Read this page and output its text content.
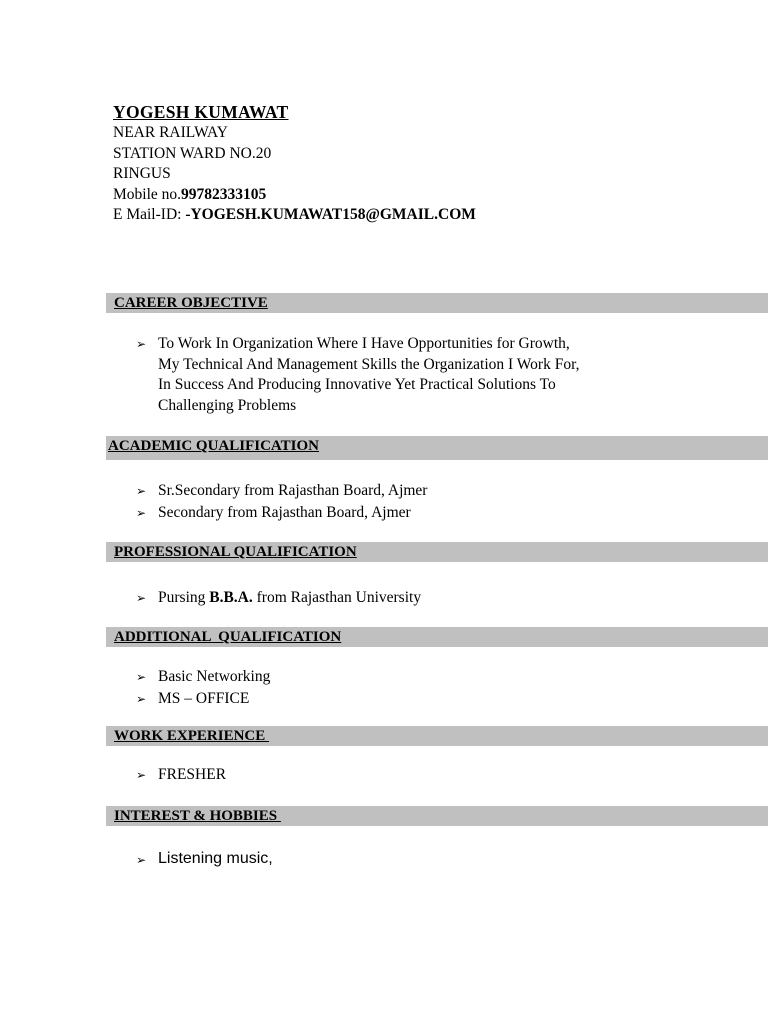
YOGESH KUMAWAT
NEAR RAILWAY
STATION WARD NO.20
RINGUS
Mobile no.99782333105
E Mail-ID: -YOGESH.KUMAWAT158@GMAIL.COM
CAREER OBJECTIVE
➢ To Work In Organization Where I Have Opportunities for Growth,
My Technical And Management Skills the Organization I Work For,
In Success And Producing Innovative Yet Practical Solutions To
Challenging Problems
ACADEMIC QUALIFICATION
➢ Sr.Secondary from Rajasthan Board, Ajmer
➢ Secondary from Rajasthan Board, Ajmer
PROFESSIONAL QUALIFICATION
➢ Pursing B.B.A. from Rajasthan University
ADDITIONAL  QUALIFICATION
➢ Basic Networking
➢ MS – OFFICE
WORK EXPERIENCE
➢ FRESHER
INTEREST & HOBBIES
➢ Listening music,
